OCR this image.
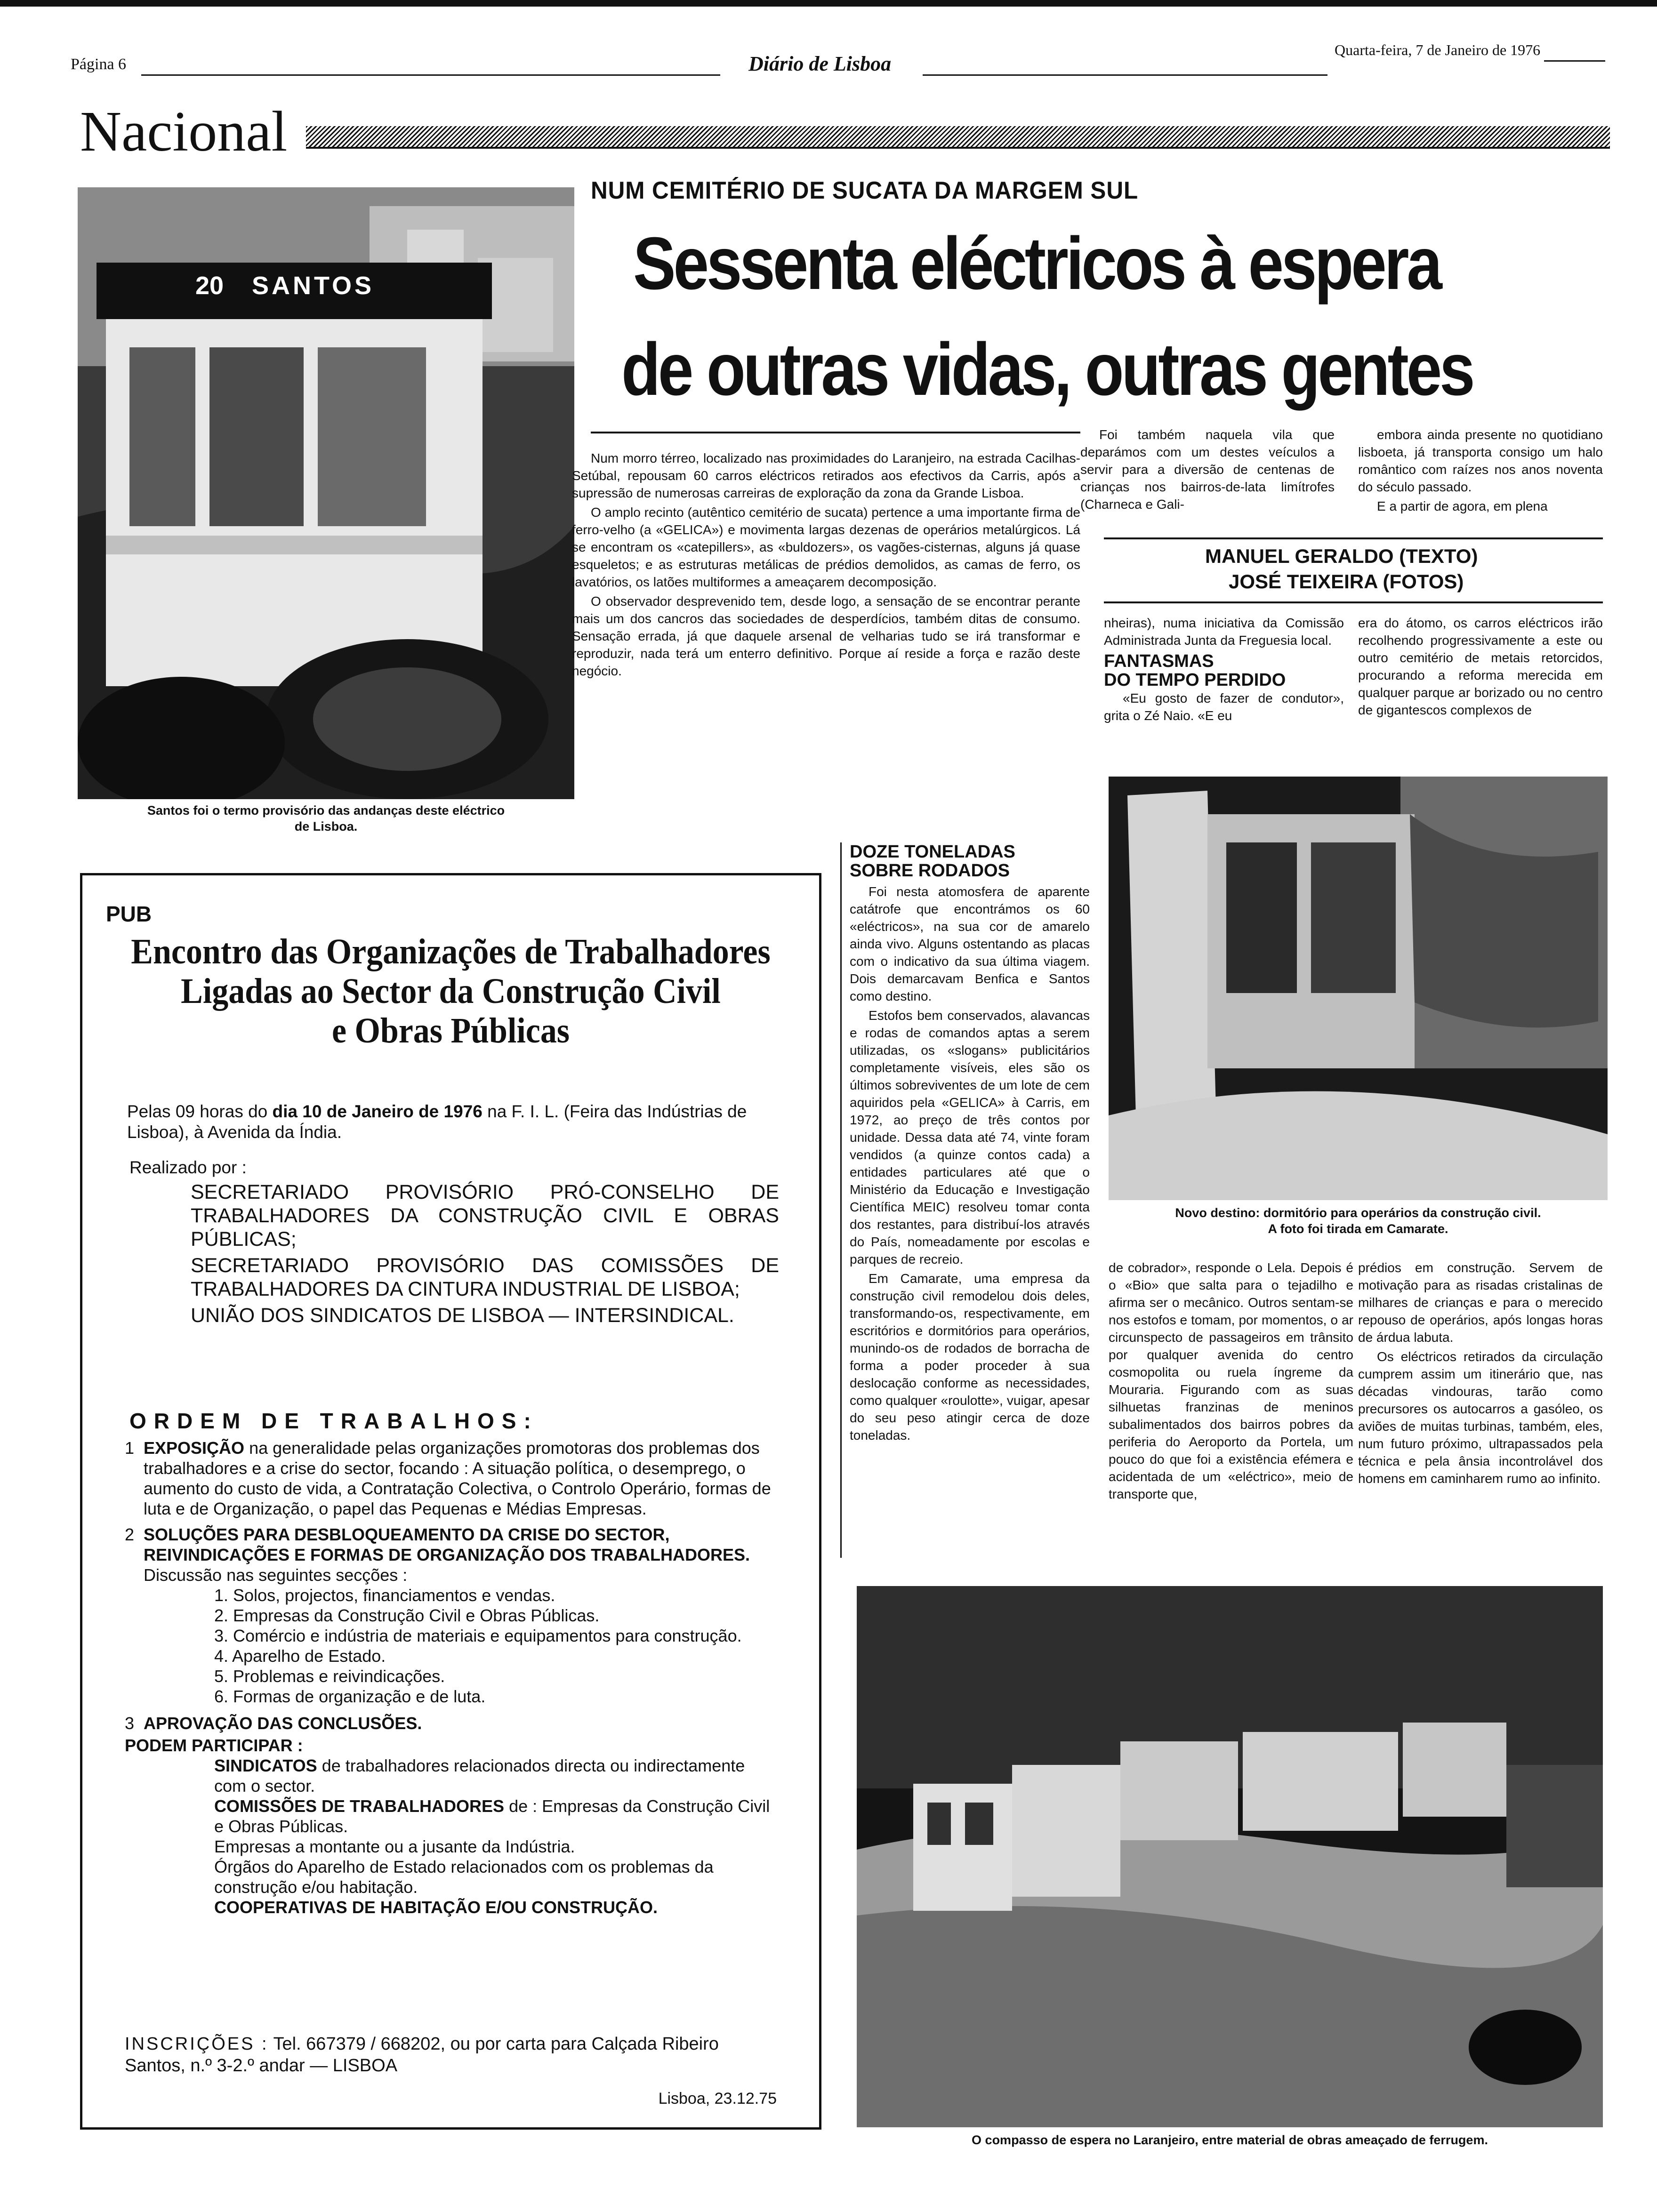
Página 6	Diário de Lisboa
Quarta-feira, 7 de Janeiro de 1976
Nacional
20 SANTOS
Santos foi o termo provisório das andanças deste eléctrico
de Lisboa.
NUM CEMITÉRIO DE SUCATA DA MARGEM SUL
Sessenta eléctricos à espera
de outras vidas, outras gentes

Num morro térreo, localizado nas proximidades do Laranjeiro, na estrada Cacilhas-Setúbal, repousam 60 carros eléctricos retirados aos efectivos da Carris, após a supressão de numerosas carreiras de exploração da zona da Grande Lisboa.

O amplo recinto (autêntico cemitério de sucata) pertence a uma importante firma de ferro-velho (a «GELICA») e movimenta largas dezenas de operários metalúrgicos. Lá se encontram os «catepillers», as «buldozers», os vagões-cisternas, alguns já quase esqueletos; e as estruturas metálicas de prédios demolidos, as camas de ferro, os lavatórios, os latões multiformes a ameaçarem decomposição.

O observador desprevenido tem, desde logo, a sensação de se encontrar perante mais um dos cancros das sociedades de desperdícios, também ditas de consumo. Sensação errada, já que daquele arsenal de velharias tudo se irá transformar e reproduzir, nada terá um enterro definitivo. Porque aí reside a força e razão deste negócio.

Foi também naquela vila que deparámos com um destes veículos a servir para a diversão de centenas de crianças nos bairros-de-lata limítrofes (Charneca e Gali-

embora ainda presente no quotidiano lisboeta, já transporta consigo um halo romântico com raízes nos anos noventa do século passado.

E a partir de agora, em plena

MANUEL GERALDO (TEXTO)
JOSÉ TEIXEIRA (FOTOS)

nheiras), numa iniciativa da Comissão Administrada Junta da Freguesia local.

FANTASMAS
DO TEMPO PERDIDO

«Eu gosto de fazer de condutor», grita o Zé Naio. «E eu

era do átomo, os carros eléctricos irão recolhendo progressivamente a este ou outro cemitério de metais retorcidos, procurando a reforma merecida em qualquer parque ar borizado ou no centro de gigantescos complexos de

Novo destino: dormitório para operários da construção civil.
A foto foi tirada em Camarate.
DOZE TONELADAS
SOBRE RODADOS

Foi nesta atomosfera de aparente catátrofe que encontrámos os 60 «eléctricos», na sua cor de amarelo ainda vivo. Alguns ostentando as placas com o indicativo da sua última viagem. Dois demarcavam Benfica e Santos como destino.

Estofos bem conservados, alavancas e rodas de comandos aptas a serem utilizadas, os «slogans» publicitários completamente visíveis, eles são os últimos sobreviventes de um lote de cem aquiridos pela «GELICA» à Carris, em 1972, ao preço de três contos por unidade. Dessa data até 74, vinte foram vendidos (a quinze contos cada) a entidades particulares até que o Ministério da Educação e Investigação Científica MEIC) resolveu tomar conta dos restantes, para distribuí-los através do País, nomeadamente por escolas e parques de recreio.

Em Camarate, uma empresa da construção civil remodelou dois deles, transformando-os, respectivamente, em escritórios e dormitórios para operários, munindo-os de rodados de borracha de forma a poder proceder à sua deslocação conforme as necessidades, como qualquer «roulotte», vuigar, apesar do seu peso atingir cerca de doze toneladas.

de cobrador», responde o Lela. Depois é o «Bio» que salta para o tejadilho e afirma ser o mecânico. Outros sentam-se nos estofos e tomam, por momentos, o ar circunspecto de passageiros em trânsito por qualquer avenida do centro cosmopolita ou ruela íngreme da Mouraria. Figurando com as suas silhuetas franzinas de meninos subalimentados dos bairros pobres da periferia do Aeroporto da Portela, um pouco do que foi a existência efémera e acidentada de um «eléctrico», meio de transporte que,

prédios em construção. Servem de motivação para as risadas cristalinas de milhares de crianças e para o merecido repouso de operários, após longas horas de árdua labuta.

Os eléctricos retirados da circulação cumprem assim um itinerário que, nas décadas vindouras, tarão como precursores os autocarros a gasóleo, os aviões de muitas turbinas, também, eles, num futuro próximo, ultrapassados pela técnica e pela ânsia incontrolável dos homens em caminharem rumo ao infinito.

O compasso de espera no Laranjeiro, entre material de obras ameaçado de ferrugem.
PUB
Encontro das Organizações de Trabalhadores
Ligadas ao Sector da Construção Civil
e Obras Públicas
Pelas 09 horas do dia 10 de Janeiro de 1976 na F. I. L. (Feira das Indústrias de Lisboa), à Avenida da Índia.
Realizado por :
SECRETARIADO PROVISÓRIO PRÓ-CONSELHO DE TRABALHADORES DA CONSTRUÇÃO CIVIL E OBRAS PÚBLICAS;
SECRETARIADO PROVISÓRIO DAS COMISSÕES DE TRABALHADORES DA CINTURA INDUSTRIAL DE LISBOA;
UNIÃO DOS SINDICATOS DE LISBOA — INTERSINDICAL.
ORDEM DE TRABALHOS:
1 EXPOSIÇÃO na generalidade pelas organizações promotoras dos problemas dos trabalhadores e a crise do sector, focando : A situação política, o desemprego, o aumento do custo de vida, a Contratação Colectiva, o Controlo Operário, formas de luta e de Organização, o papel das Pequenas e Médias Empresas.
2 SOLUÇÕES PARA DESBLOQUEAMENTO DA CRISE DO SECTOR, REIVINDICAÇÕES E FORMAS DE ORGANIZAÇÃO DOS TRABALHADORES.
Discussão nas seguintes secções :
1. Solos, projectos, financiamentos e vendas.
2. Empresas da Construção Civil e Obras Públicas.
3. Comércio e indústria de materiais e equipamentos para construção.
4. Aparelho de Estado.
5. Problemas e reivindicações.
6. Formas de organização e de luta.
3 APROVAÇÃO DAS CONCLUSÕES.
PODEM PARTICIPAR :
SINDICATOS de trabalhadores relacionados directa ou indirectamente com o sector.
COMISSÕES DE TRABALHADORES de : Empresas da Construção Civil e Obras Públicas.
Empresas a montante ou a jusante da Indústria.
Órgãos do Aparelho de Estado relacionados com os problemas da construção e/ou habitação.
COOPERATIVAS DE HABITAÇÃO E/OU CONSTRUÇÃO.
INSCRIÇÕES : Tel. 667379 / 668202, ou por carta para Calçada Ribeiro Santos, n.º 3-2.º andar — LISBOA
Lisboa, 23.12.75
